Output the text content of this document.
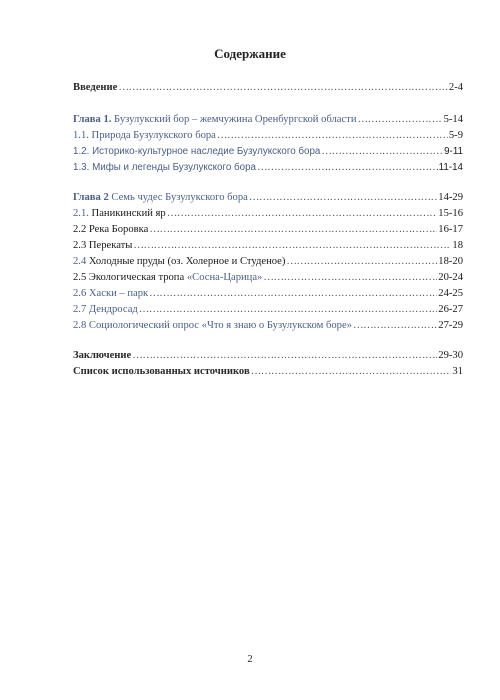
Содержание
Введение ……………………………………………………………………………………………………………………………………………………………………………………	2-4
Глава 1. Бузулукский бор – жемчужина Оренбургской области ……………………………………………………………………………………………………………………………………………………………………………………	5-14
1.1. Природа Бузулукского бора ……………………………………………………………………………………………………………………………………………………………………………………	5-9
1.2. Историко-культурное наследие Бузулукского бора ……………………………………………………………………………………………………………………………………………………………………………………	9-11
1.3. Мифы и легенды Бузулукского бора ……………………………………………………………………………………………………………………………………………………………………………………	11-14
Глава 2 Семь чудес Бузулукского бора ……………………………………………………………………………………………………………………………………………………………………………………	14-29
2.1. Паникинский яр ……………………………………………………………………………………………………………………………………………………………………………………	15-16
2.2 Река Боровка ……………………………………………………………………………………………………………………………………………………………………………………	16-17
2.3 Перекаты ……………………………………………………………………………………………………………………………………………………………………………………	18
2.4 Холодные пруды (оз. Холерное и Студеное) ……………………………………………………………………………………………………………………………………………………………………………………	18-20
2.5 Экологическая тропа «Сосна-Царица» ……………………………………………………………………………………………………………………………………………………………………………………	20-24
2.6 Хаски – парк ……………………………………………………………………………………………………………………………………………………………………………………	24-25
2.7 Дендросад ……………………………………………………………………………………………………………………………………………………………………………………	26-27
2.8 Социологический опрос «Что я знаю о Бузулукском боре» ……………………………………………………………………………………………………………………………………………………………………………………	27-29
Заключение ……………………………………………………………………………………………………………………………………………………………………………………	29-30
Список использованных источников ……………………………………………………………………………………………………………………………………………………………………………………	31
2
